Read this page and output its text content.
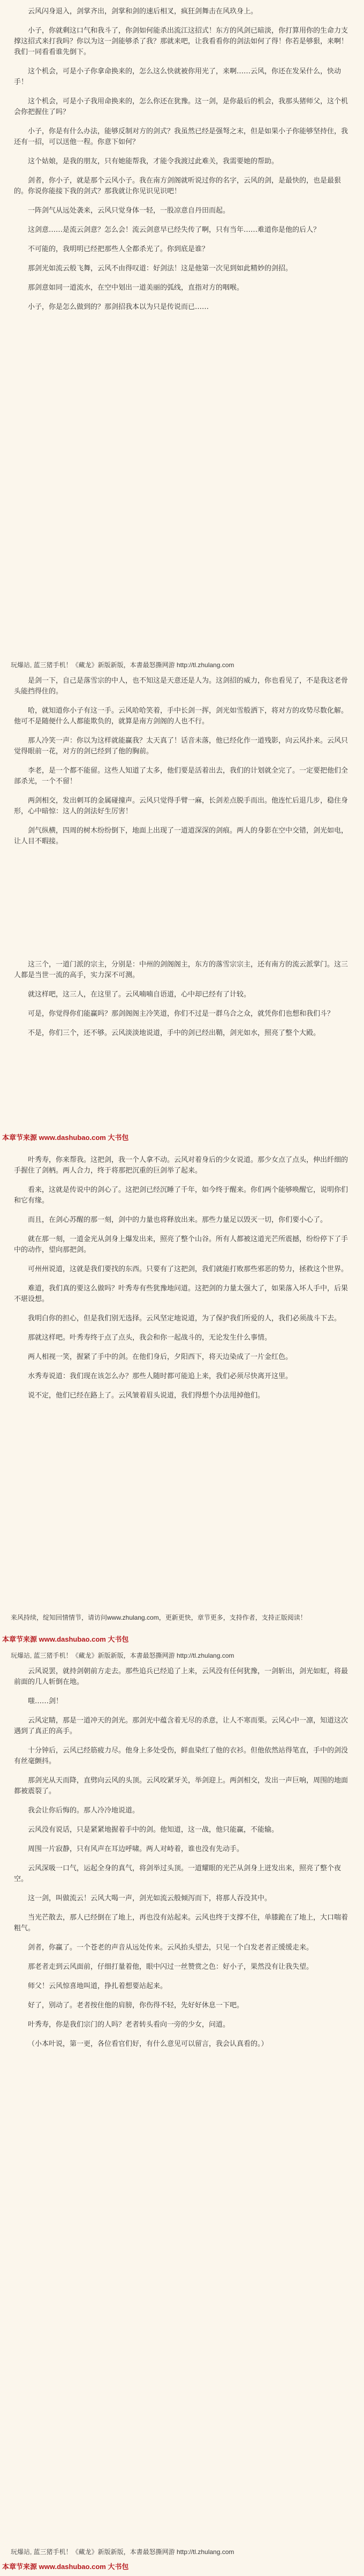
云风闪身退入，剑掌齐出，剑掌和剑的速后相叉，疯狂剑舞击在风玖身上。

小子，你就剩这口气和我斗了，你剑如何能杀出流江这招式！东方的风剑已暗淡，你打算用你的生命力支撑这招式来打我吗？你以为这一剑能够杀了我？那就来吧，让我看看你的剑法如何了得！你若是够狠，来啊！我们一同看看谁先倒下。

这个机会，可是小子你拿命换来的，怎么这么快就被你用光了，来啊……云风，你还在发呆什么，快动手！

这个机会，可是小子我用命换来的，怎么你还在犹豫。这一剑，是你最后的机会，我那头猪师父，这个机会你把握住了吗？

小子，你是有什么办法，能够反制对方的剑式？我虽然已经是强弩之末，但是如果小子你能够坚持住，我还有一招，可以送他一程。你意下如何？

这个姑娘，是我的朋友，只有她能帮我，才能令我渡过此难关，我需要她的帮助。

剑者，你小子，就是那个云风小子。我在南方剑阁就听说过你的名字，云风的剑，是最快的，也是最狠的。你说你能接下我的剑式？那我就让你见识见识吧！

一阵剑气从远处袭来，云风只觉身体一轻，一股凉意自丹田而起。

这剑意……是流云剑意？怎么会！流云剑意早已经失传了啊，只有当年……难道你是他的后人？

不可能的，我明明已经把那些人全都杀光了。你到底是谁？

那剑光如流云般飞舞，云风不由得叹道：好剑法！这是他第一次见到如此精妙的剑招。

那剑意如同一道流水，在空中划出一道美丽的弧线，直指对方的咽喉。

小子，你是怎么做到的？那剑招我本以为只是传说而已……

玩爆站, 蓝三猪手机！《藏龙》新版新版，本書最怒撕网游 http://tl.zhulang.com

是剑一下，自己是落雪宗的中人，也不知这是天意还是人为。这剑招的威力，你也看见了，不是我这老骨头能挡得住的。

哈，就知道你小子有这一手。云风哈哈笑着，手中长剑一挥，剑光如雪般洒下，将对方的攻势尽数化解。他可不是随便什么人都能欺负的，就算是南方剑阁的人也不行。

那人冷笑一声：你以为这样就能赢我？太天真了！话音未落，他已经化作一道残影，向云风扑来。云风只觉得眼前一花，对方的剑已经到了他的胸前。

李老，是一个都不能留。这些人知道了太多，他们要是活着出去，我们的计划就全完了。一定要把他们全部杀光，一个不留！

两剑相交，发出刺耳的金属碰撞声。云风只觉得手臂一麻，长剑差点脱手而出。他连忙后退几步，稳住身形，心中暗惊：这人的剑法好生厉害！

剑气纵横，四周的树木纷纷倒下，地面上出现了一道道深深的剑痕。两人的身影在空中交错，剑光如电，让人目不暇接。

这三个，一道门派的宗主，分别是：中州的剑阁阁主，东方的落雪宗宗主，还有南方的流云派掌门。这三人都是当世一流的高手，实力深不可测。

就这样吧，这三人，在这里了。云风喃喃自语道，心中却已经有了计较。

可是，你觉得你们能赢吗？那剑阁阁主冷笑道，你们不过是一群乌合之众，就凭你们也想和我们斗？

不是，你们三个，还不够。云风淡淡地说道，手中的剑已经出鞘，剑光如水，照亮了整个大殿。

本章节来源 www.dashubao.com 大书包

叶秀寿，你来帮我。这把剑，我一个人拿不动。云风对着身后的少女说道。那少女点了点头，伸出纤细的手握住了剑柄。两人合力，终于将那把沉重的巨剑举了起来。

看来，这就是传说中的剑心了。这把剑已经沉睡了千年，如今终于醒来。你们两个能够唤醒它，说明你们和它有缘。

而且，在剑心苏醒的那一刻，剑中的力量也将释放出来。那些力量足以毁灭一切，你们要小心了。

就在那一刻，一道金光从剑身上爆发出来，照亮了整个山谷。所有人都被这道光芒所震撼，纷纷停下了手中的动作，望向那把剑。

可州州说道，这就是我们要找的东西。只要有了这把剑，我们就能打败那些邪恶的势力，拯救这个世界。

难道，我们真的要这么做吗？叶秀寿有些犹豫地问道。这把剑的力量太强大了，如果落入坏人手中，后果不堪设想。

我明白你的担心，但是我们别无选择。云风坚定地说道，为了保护我们所爱的人，我们必须战斗下去。

那就这样吧。叶秀寿终于点了点头，我会和你一起战斗的，无论发生什么事情。

两人相视一笑，握紧了手中的剑。在他们身后，夕阳西下，将天边染成了一片金红色。

水秀寿说道：我们现在该怎么办？那些人随时都可能追上来，我们必须尽快离开这里。

说不定，他们已经在路上了。云风皱着眉头说道，我们得想个办法甩掉他们。

来风持续，绽知回情情节，请访问www.zhulang.com，更新更快，章节更多，支持作者，支持正版阅读！
本章节来源 www.dashubao.com 大书包
玩爆站, 蓝三猪手机！《藏龙》新版新版，本書最怒撕网游 http://tl.zhulang.com

云风说罢，就持剑朝前方走去。那些追兵已经追了上来，云风没有任何犹豫，一剑斩出，剑光如虹，将最前面的几人斩倒在地。

嗤……剑！

云风定睛，那是一道冲天的剑光。那剑光中蕴含着无尽的杀意，让人不寒而栗。云风心中一凛，知道这次遇到了真正的高手。

十分钟后，云风已经筋疲力尽。他身上多处受伤，鲜血染红了他的衣衫。但他依然站得笔直，手中的剑没有丝毫颤抖。

那剑光从天而降，直劈向云风的头顶。云风咬紧牙关，举剑迎上。两剑相交，发出一声巨响，周围的地面都被震裂了。

我会让你后悔的。那人冷冷地说道。

云风没有说话，只是紧紧地握着手中的剑。他知道，这一战，他只能赢，不能输。

周围一片寂静，只有风声在耳边呼啸。两人对峙着，谁也没有先动手。

云风深吸一口气，运起全身的真气，将剑举过头顶。一道耀眼的光芒从剑身上迸发出来，照亮了整个夜空。

这一剑，叫做流云！云风大喝一声，剑光如流云般倾泻而下，将那人吞没其中。

当光芒散去，那人已经倒在了地上，再也没有站起来。云风也终于支撑不住，单膝跪在了地上，大口喘着粗气。

剑者，你赢了。一个苍老的声音从远处传来。云风抬头望去，只见一个白发老者正缓缓走来。

那老者走到云风面前，仔细打量着他，眼中闪过一丝赞赏之色：好小子，果然没有让我失望。

师父！云风惊喜地叫道，挣扎着想要站起来。

好了，别动了。老者按住他的肩膀，你伤得不轻，先好好休息一下吧。

叶秀寿，你是我们宗门的人吗？老者转头看向一旁的少女，问道。

（小本叶说，第一更，各位看官们好，有什么意见可以留言，我会认真看的。）

玩爆站, 蓝三猪手机！《藏龙》新版新版，本書最怒撕网游 http://tl.zhulang.com
本章节来源 www.dashubao.com 大书包
